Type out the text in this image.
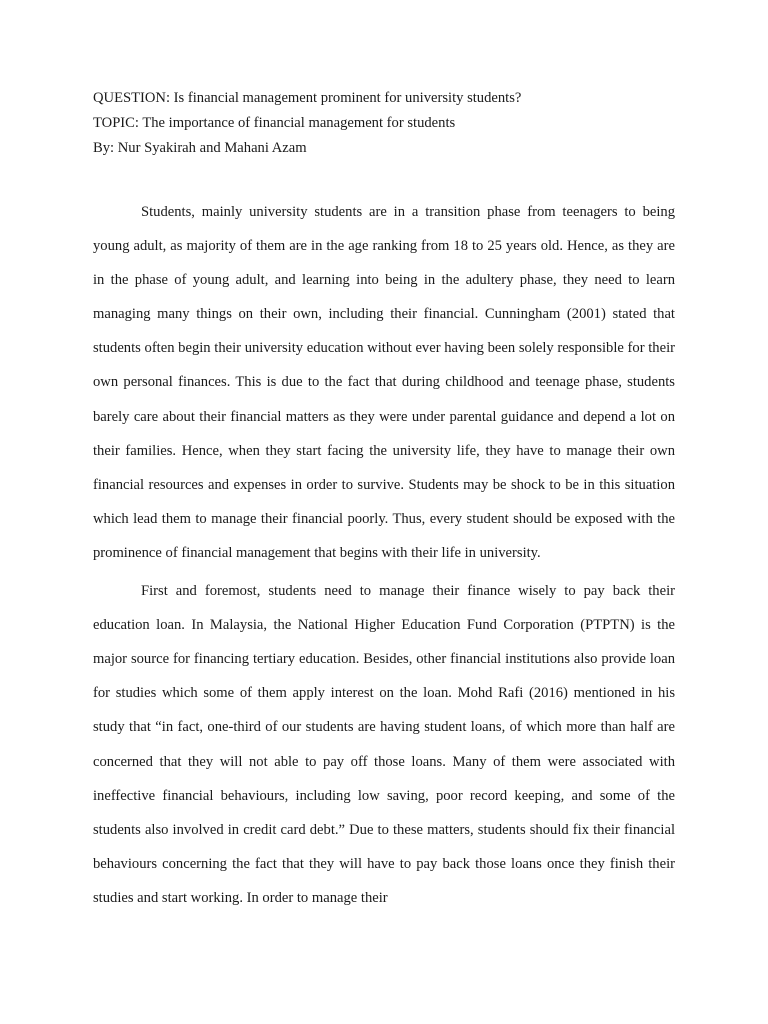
QUESTION: Is financial management prominent for university students?
TOPIC: The importance of financial management for students
By: Nur Syakirah and Mahani Azam

Students, mainly university students are in a transition phase from teenagers to being young adult, as majority of them are in the age ranking from 18 to 25 years old. Hence, as they are in the phase of young adult, and learning into being in the adultery phase, they need to learn managing many things on their own, including their financial. Cunningham (2001) stated that students often begin their university education without ever having been solely responsible for their own personal finances. This is due to the fact that during childhood and teenage phase, students barely care about their financial matters as they were under parental guidance and depend a lot on their families. Hence, when they start facing the university life, they have to manage their own financial resources and expenses in order to survive. Students may be shock to be in this situation which lead them to manage their financial poorly. Thus, every student should be exposed with the prominence of financial management that begins with their life in university.

First and foremost, students need to manage their finance wisely to pay back their education loan. In Malaysia, the National Higher Education Fund Corporation (PTPTN) is the major source for financing tertiary education. Besides, other financial institutions also provide loan for studies which some of them apply interest on the loan. Mohd Rafi (2016) mentioned in his study that “in fact, one-third of our students are having student loans, of which more than half are concerned that they will not able to pay off those loans. Many of them were associated with ineffective financial behaviours, including low saving, poor record keeping, and some of the students also involved in credit card debt.” Due to these matters, students should fix their financial behaviours concerning the fact that they will have to pay back those loans once they finish their studies and start working. In order to manage their
